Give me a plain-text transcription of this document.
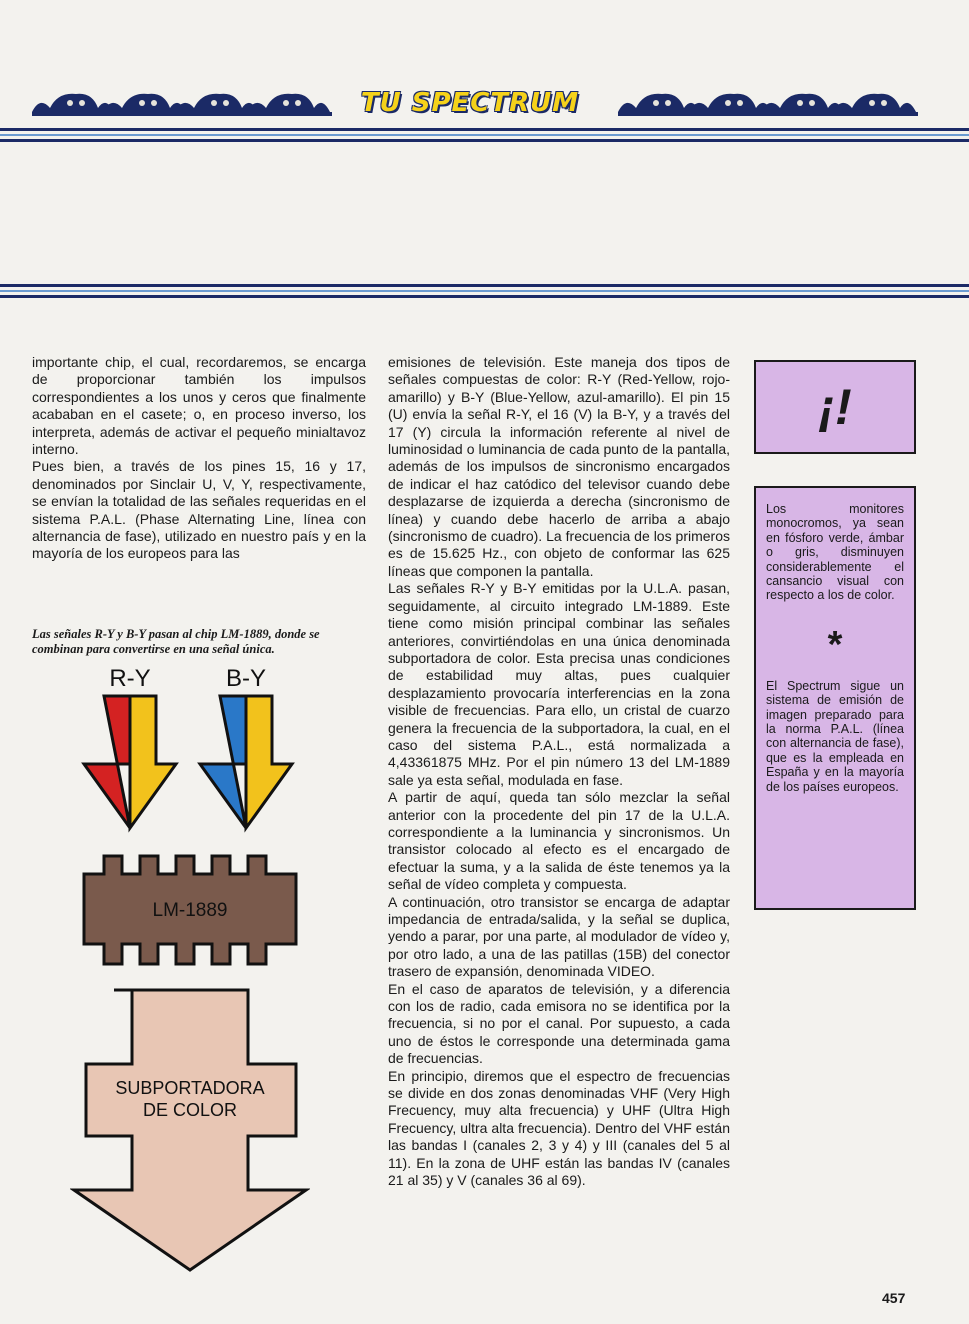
TU SPECTRUM

importante chip, el cual, recordaremos, se encarga de proporcionar también los impulsos correspondientes a los unos y ceros que finalmente acababan en el casete; o, en proceso inverso, los interpreta, además de activar el pequeño minialtavoz interno.

Pues bien, a través de los pines 15, 16 y 17, denominados por Sinclair U, V, Y, respectivamente, se envían la totalidad de las señales requeridas en el sistema P.A.L. (Phase Alternating Line, línea con alternancia de fase), utilizado en nuestro país y en la mayoría de los europeos para las

Las señales R-Y y B-Y pasan al chip LM-1889, donde se combinan para convertirse en una señal única.
R-Y	B-Y
LM-1889
SUBPORTADORA
DE COLOR

emisiones de televisión. Este maneja dos tipos de señales compuestas de color: R-Y (Red-Yellow, rojo-amarillo) y B-Y (Blue-Yellow, azul-amarillo). El pin 15 (U) envía la señal R-Y, el 16 (V) la B-Y, y a través del 17 (Y) circula la información referente al nivel de luminosidad o luminancia de cada punto de la pantalla, además de los impulsos de sincronismo encargados de indicar el haz catódico del televisor cuando debe desplazarse de izquierda a derecha (sincronismo de línea) y cuando debe hacerlo de arriba a abajo (sincronismo de cuadro). La frecuencia de los primeros es de 15.625 Hz., con objeto de conformar las 625 líneas que componen la pantalla.

Las señales R-Y y B-Y emitidas por la U.L.A. pasan, seguidamente, al circuito integrado LM-1889. Este tiene como misión principal combinar las señales anteriores, convirtiéndolas en una única denominada subportadora de color. Esta precisa unas condiciones de estabilidad muy altas, pues cualquier desplazamiento provocaría interferencias en la zona visible de frecuencias. Para ello, un cristal de cuarzo genera la frecuencia de la subportadora, la cual, en el caso del sistema P.A.L., está normalizada a 4,43361875 MHz. Por el pin número 13 del LM-1889 sale ya esta señal, modulada en fase.

A partir de aquí, queda tan sólo mezclar la señal anterior con la procedente del pin 17 de la U.L.A. correspondiente a la luminancia y sincronismos. Un transistor colocado al efecto es el encargado de efectuar la suma, y a la salida de éste tenemos ya la señal de vídeo completa y compuesta.

A continuación, otro transistor se encarga de adaptar impedancia de entrada/salida, y la señal se duplica, yendo a parar, por una parte, al modulador de vídeo y, por otro lado, a una de las patillas (15B) del conector trasero de expansión, denominada VIDEO.

En el caso de aparatos de televisión, y a diferencia con los de radio, cada emisora no se identifica por la frecuencia, si no por el canal. Por supuesto, a cada uno de éstos le corresponde una determinada gama de frecuencias.

En principio, diremos que el espectro de frecuencias se divide en dos zonas denominadas VHF (Very High Frecuency, muy alta frecuencia) y UHF (Ultra High Frecuency, ultra alta frecuencia). Dentro del VHF están las bandas I (canales 2, 3 y 4) y III (canales del 5 al 11). En la zona de UHF están las bandas IV (canales 21 al 35) y V (canales 36 al 69).

¡!

Los monitores monocromos, ya sean en fósforo verde, ámbar o gris, disminuyen considerablemente el cansancio visual con respecto a los de color.

*

El Spectrum sigue un sistema de emisión de imagen preparado para la norma P.A.L. (línea con alternancia de fase), que es la empleada en España y en la mayoría de los países europeos.

457
